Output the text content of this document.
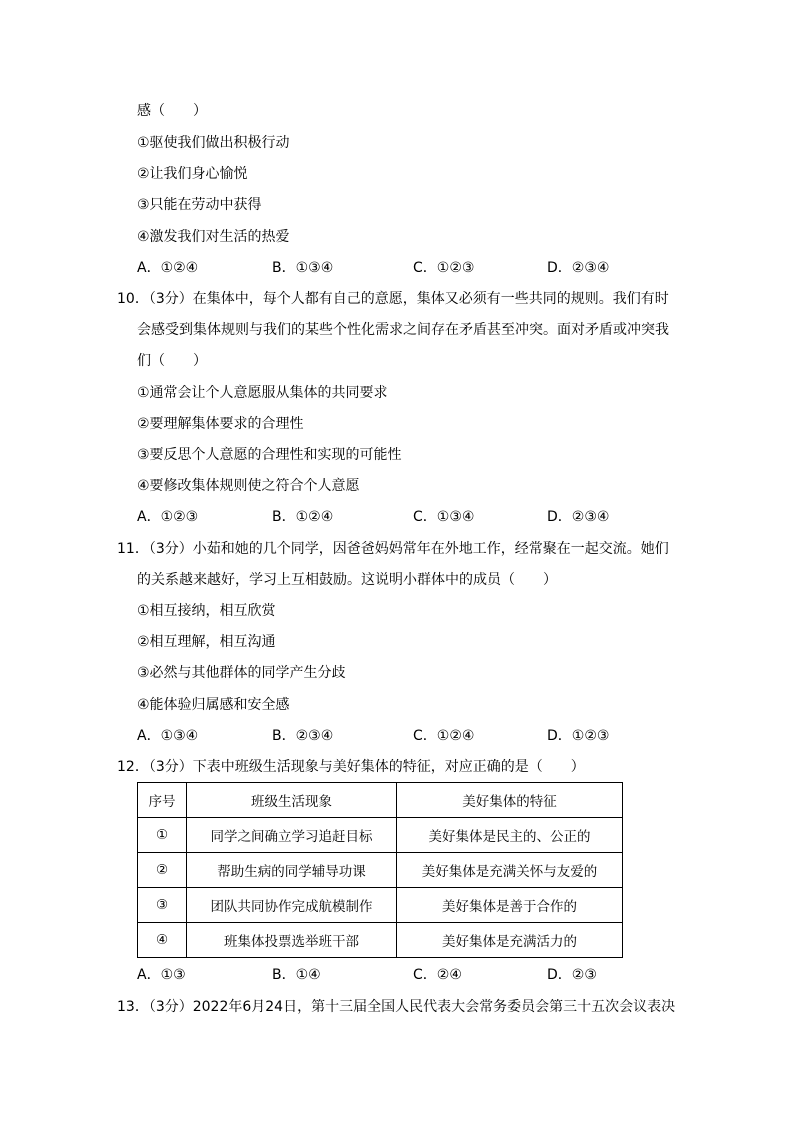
感（　　）
①驱使我们做出积极行动
②让我们身心愉悦
③只能在劳动中获得
④激发我们对生活的热爱
A．①②④	B．①③④	C．①②③	D．②③④
10．（3分）在集体中，每个人都有自己的意愿，集体又必须有一些共同的规则。我们有时
会感受到集体规则与我们的某些个性化需求之间存在矛盾甚至冲突。面对矛盾或冲突我
们（　　）
①通常会让个人意愿服从集体的共同要求
②要理解集体要求的合理性
③要反思个人意愿的合理性和实现的可能性
④要修改集体规则使之符合个人意愿
A．①②③	B．①②④	C．①③④	D．②③④
11．（3分）小茹和她的几个同学，因爸爸妈妈常年在外地工作，经常聚在一起交流。她们
的关系越来越好，学习上互相鼓励。这说明小群体中的成员（　　）
①相互接纳，相互欣赏
②相互理解，相互沟通
③必然与其他群体的同学产生分歧
④能体验归属感和安全感
A．①③④	B．②③④	C．①②④	D．①②③
12．（3分）下表中班级生活现象与美好集体的特征，对应正确的是（　　）
序号	班级生活现象	美好集体的特征
①	同学之间确立学习追赶目标	美好集体是民主的、公正的
②	帮助生病的同学辅导功课	美好集体是充满关怀与友爱的
③	团队共同协作完成航模制作	美好集体是善于合作的
④	班集体投票选举班干部	美好集体是充满活力的
A．①③	B．①④	C．②④	D．②③
13．（3分）2022年6月24日，第十三届全国人民代表大会常务委员会第三十五次会议表决
